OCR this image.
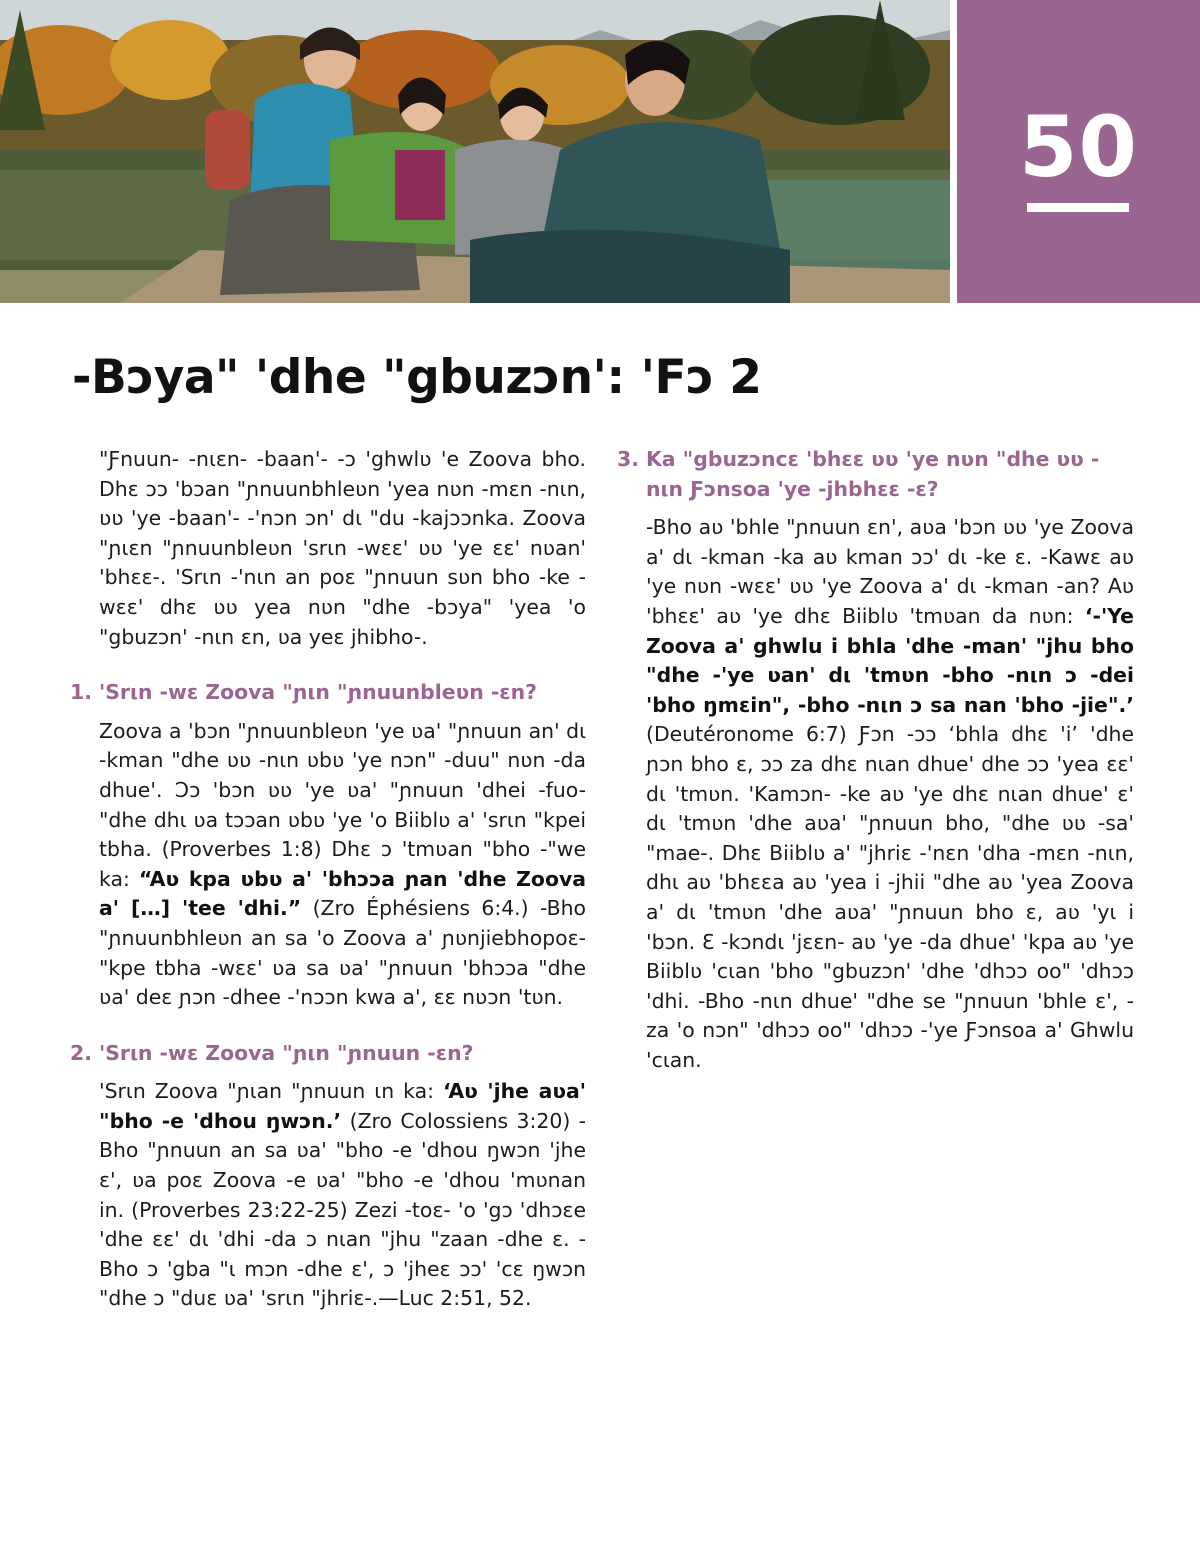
50
-Bɔya" 'dhe "gbuzɔn': 'Fɔ 2

"Ƒnuun- -nιɛn- -baan'- -ɔ 'ghwlʋ 'e Zoova bho. Dhɛ ɔɔ 'bɔan "ɲnuunbhleʋn 'yea nʋn -mɛn -nιn, ʋʋ 'ye -baan'- -'nɔn ɔn' dι "du -kajɔɔnka. Zoova "ɲιɛn "ɲnuunbleʋn 'srιn -wɛɛ' ʋʋ 'ye ɛɛ' nʋan' 'bhɛɛ-. 'Srιn -'nιn an poɛ "ɲnuun sʋn bho -ke -wɛɛ' dhɛ ʋʋ yea nʋn "dhe -bɔya" 'yea 'o "gbuzɔn' -nιn ɛn, ʋa yeɛ jhibho-.

1. 'Srιn -wɛ Zoova "ɲιn "ɲnuunbleʋn -ɛn?

Zoova a 'bɔn "ɲnuunbleʋn 'ye ʋa' "ɲnuun an' dι -kman "dhe ʋʋ -nιn ʋbʋ 'ye nɔn" -duu" nʋn -da dhue'. Ɔɔ 'bɔn ʋʋ 'ye ʋa' "ɲnuun 'dhei -fuo- "dhe dhι ʋa tɔɔan ʋbʋ 'ye 'o Biiblʋ a' 'srιn "kpei tbha. (Proverbes 1:8) Dhɛ ɔ 'tmʋan "bho -"we ka: “Aʋ kpa ʋbʋ a' 'bhɔɔa ɲan 'dhe Zoova a' […] 'tee 'dhi.” (Zro Éphésiens 6:4.) -Bho "ɲnuunbhleʋn an sa 'o Zoova a' ɲʋnjiebhopoɛ- "kpe tbha -wɛɛ' ʋa sa ʋa' "ɲnuun 'bhɔɔa "dhe ʋa' deɛ ɲɔn -dhee -'nɔɔn kwa a', ɛɛ nʋɔn 'tʋn.

2. 'Srιn -wɛ Zoova "ɲιn "ɲnuun -ɛn?

'Srιn Zoova "ɲιan "ɲnuun ιn ka: ‘Aʋ 'jhe aʋa' "bho -e 'dhou ŋwɔn.’ (Zro Colossiens 3:20) -Bho "ɲnuun an sa ʋa' "bho -e 'dhou ŋwɔn 'jhe ɛ', ʋa poɛ Zoova -e ʋa' "bho -e 'dhou 'mʋnan in. (Proverbes 23:22-25) Zezi -toɛ- 'o 'gɔ 'dhɔɛe 'dhe ɛɛ' dι 'dhi -da ɔ nιan "jhu "zaan -dhe ɛ. -Bho ɔ 'gba "ι mɔn -dhe ɛ', ɔ 'jheɛ ɔɔ' 'cɛ ŋwɔn "dhe ɔ "duɛ ʋa' 'srιn "jhriɛ-.—Luc 2:51, 52.

3. Ka "gbuzɔncɛ 'bhɛɛ ʋʋ 'ye nʋn "dhe ʋʋ -nιn Ƒɔnsoa 'ye -jhbhɛɛ -ɛ?

-Bho aʋ 'bhle "ɲnuun ɛn', aʋa 'bɔn ʋʋ 'ye Zoova a' dι -kman -ka aʋ kman ɔɔ' dι -ke ɛ. -Kawɛ aʋ 'ye nʋn -wɛɛ' ʋʋ 'ye Zoova a' dι -kman -an? Aʋ 'bhɛɛ' aʋ 'ye dhɛ Biiblʋ 'tmʋan da nʋn: ‘-'Ye Zoova a' ghwlu i bhla 'dhe -man' "jhu bho "dhe -'ye ʋan' dι 'tmʋn -bho -nιn ɔ -dei 'bho ŋmɛin", -bho -nιn ɔ sa nan 'bho -jie".’ (Deutéronome 6:7) Ƒɔn -ɔɔ ‘bhla dhɛ 'i’ 'dhe ɲɔn bho ɛ, ɔɔ za dhɛ nιan dhue' dhe ɔɔ 'yea ɛɛ' dι 'tmʋn. 'Kamɔn- -ke aʋ 'ye dhɛ nιan dhue' ɛ' dι 'tmʋn 'dhe aʋa' "ɲnuun bho, "dhe ʋʋ -sa' "mae-. Dhɛ Biiblʋ a' "jhriɛ -'nɛn 'dha -mɛn -nιn, dhι aʋ 'bhɛɛa aʋ 'yea i -jhii "dhe aʋ 'yea Zoova a' dι 'tmʋn 'dhe aʋa' "ɲnuun bho ɛ, aʋ 'yι i 'bɔn. Ɛ -kɔndι 'jɛɛn- aʋ 'ye -da dhue' 'kpa aʋ 'ye Biiblʋ 'cιan 'bho "gbuzɔn' 'dhe 'dhɔɔ oo" 'dhɔɔ 'dhi. -Bho -nιn dhue' "dhe se "ɲnuun 'bhle ɛ', -za 'o nɔn" 'dhɔɔ oo" 'dhɔɔ -'ye Ƒɔnsoa a' Ghwlu 'cιan.
